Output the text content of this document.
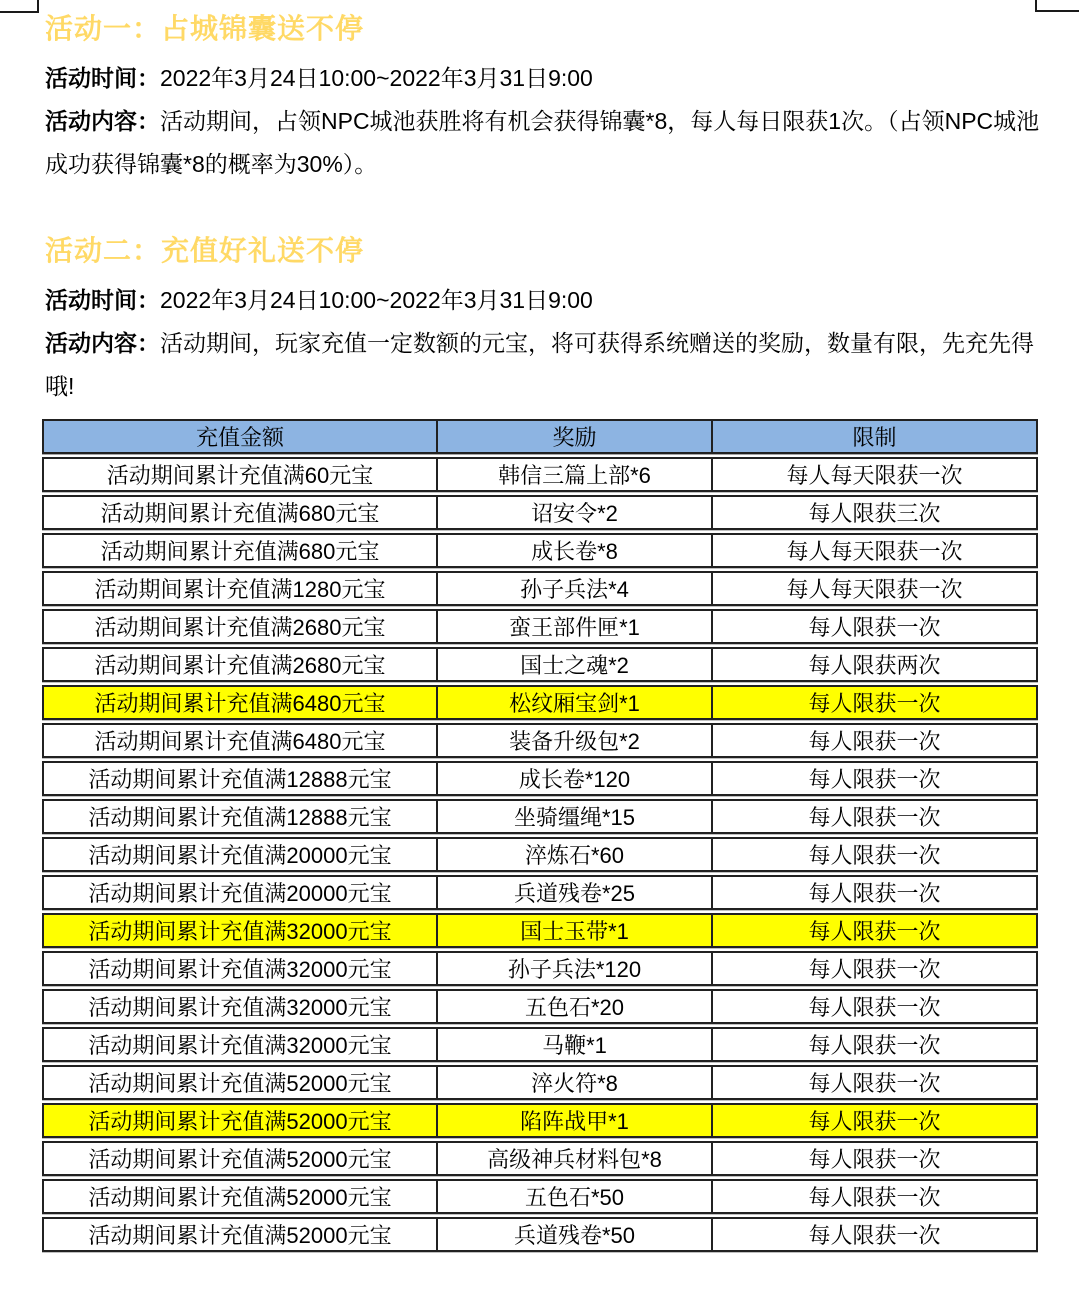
活动一：占城锦囊送不停
活动时间：2022年3月24日10:00~2022年3月31日9:00
活动内容：活动期间，占领NPC城池获胜将有机会获得锦囊*8，每人每日限获1次。（占领NPC城池成功获得锦囊*8的概率为30%）。
活动二：充值好礼送不停
活动时间：2022年3月24日10:00~2022年3月31日9:00
活动内容：活动期间，玩家充值一定数额的元宝，将可获得系统赠送的奖励，数量有限，先充先得哦!
充值金额	奖励	限制
活动期间累计充值满60元宝	韩信三篇上部*6	每人每天限获一次
活动期间累计充值满680元宝	诏安令*2	每人限获三次
活动期间累计充值满680元宝	成长卷*8	每人每天限获一次
活动期间累计充值满1280元宝	孙子兵法*4	每人每天限获一次
活动期间累计充值满2680元宝	蛮王部件匣*1	每人限获一次
活动期间累计充值满2680元宝	国士之魂*2	每人限获两次
活动期间累计充值满6480元宝	松纹厢宝剑*1	每人限获一次
活动期间累计充值满6480元宝	装备升级包*2	每人限获一次
活动期间累计充值满12888元宝	成长卷*120	每人限获一次
活动期间累计充值满12888元宝	坐骑缰绳*15	每人限获一次
活动期间累计充值满20000元宝	淬炼石*60	每人限获一次
活动期间累计充值满20000元宝	兵道残卷*25	每人限获一次
活动期间累计充值满32000元宝	国士玉带*1	每人限获一次
活动期间累计充值满32000元宝	孙子兵法*120	每人限获一次
活动期间累计充值满32000元宝	五色石*20	每人限获一次
活动期间累计充值满32000元宝	马鞭*1	每人限获一次
活动期间累计充值满52000元宝	淬火符*8	每人限获一次
活动期间累计充值满52000元宝	陷阵战甲*1	每人限获一次
活动期间累计充值满52000元宝	高级神兵材料包*8	每人限获一次
活动期间累计充值满52000元宝	五色石*50	每人限获一次
活动期间累计充值满52000元宝	兵道残卷*50	每人限获一次
